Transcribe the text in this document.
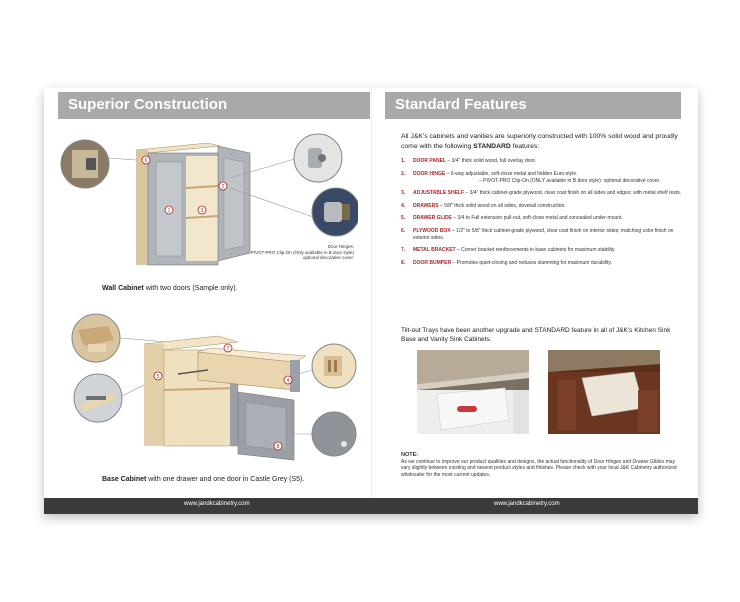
Superior Construction
6
1
2
3
Door Hinges:
PIVOT-PRO Clip-On (Only available in B door style)
optional decorative cover.
Wall Cabinet with two doors (Sample only).
7
5
4
8
Base Cabinet with one drawer and one door in Castle Grey (S5).
Standard Features
All J&K's cabinets and vanities are superiorly constructed with 100% solid wood and proudly come with the following STANDARD features:
1. DOOR PANEL – 3/4" thick solid wood, full overlay door.
2. DOOR HINGE – 6-way adjustable, soft-close metal and hidden Euro-style.
– PIVOT-PRO Clip-On (ONLY available in B door style): optional decorative cover.
3. ADJUSTABLE SHELF – 3/4" thick cabinet-grade plywood, clear coat finish on all sides and edges; with metal shelf rests.
4. DRAWERS – 5/8" thick solid wood on all sides, dovetail construction.
5. DRAWER GLIDE – 3/4 to Full extension pull-out, soft-close metal and concealed under-mount.
6. PLYWOOD BOX – 1/2" to 5/8" thick cabinet-grade plywood, clear coat finish on interior sides; matching color finish on exterior sides.
7. METAL BRACKET – Corner bracket reinforcements in base cabinets for maximum stability.
8. DOOR BUMPER – Promotes quiet-closing and reduces slamming for maximum durability.
Tilt-out Trays have been another upgrade and STANDARD feature in all of J&K's Kitchen Sink Base and Vanity Sink Cabinets.
NOTE:
As we continue to improve our product qualities and designs, the actual functionality of Door Hinges and Drawer Glides may vary slightly between existing and newest product styles and finishes. Please check with your local J&K Cabinetry authorized wholesaler for the most current updates.
www.jandkcabinetry.com	www.jandkcabinetry.com
